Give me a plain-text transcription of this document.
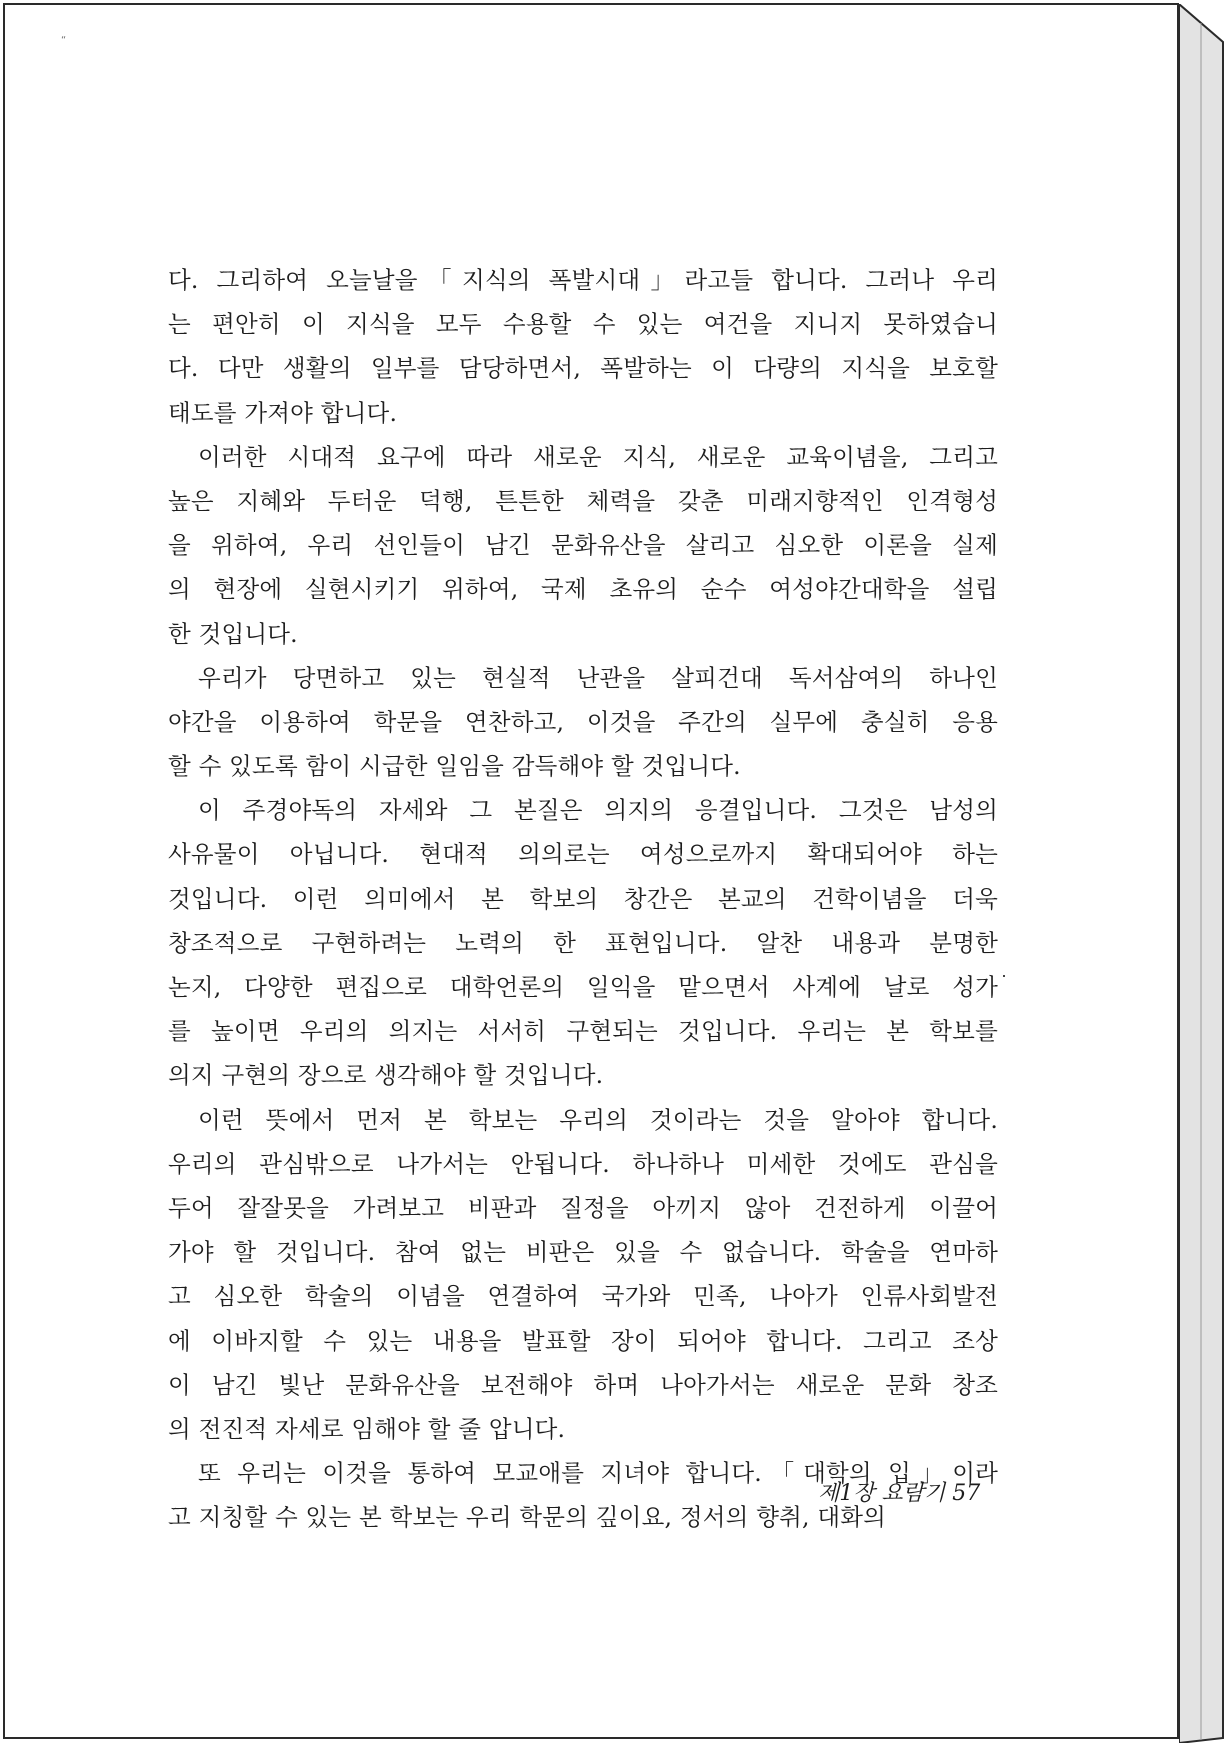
“
다. 그리하여 오늘날을「지식의 폭발시대」라고들 합니다. 그러나 우리
는 편안히 이 지식을 모두 수용할 수 있는 여건을 지니지 못하였습니
다. 다만 생활의 일부를 담당하면서, 폭발하는 이 다량의 지식을 보호할
태도를 가져야 합니다.
이러한 시대적 요구에 따라 새로운 지식, 새로운 교육이념을, 그리고
높은 지혜와 두터운 덕행, 튼튼한 체력을 갖춘 미래지향적인 인격형성
을 위하여, 우리 선인들이 남긴 문화유산을 살리고 심오한 이론을 실제
의 현장에 실현시키기 위하여, 국제 초유의 순수 여성야간대학을 설립
한 것입니다.
우리가 당면하고 있는 현실적 난관을 살피건대 독서삼여의 하나인
야간을 이용하여 학문을 연찬하고, 이것을 주간의 실무에 충실히 응용
할 수 있도록 함이 시급한 일임을 감득해야 할 것입니다.
이 주경야독의 자세와 그 본질은 의지의 응결입니다. 그것은 남성의
사유물이 아닙니다. 현대적 의의로는 여성으로까지 확대되어야 하는
것입니다. 이런 의미에서 본 학보의 창간은 본교의 건학이념을 더욱
창조적으로 구현하려는 노력의 한 표현입니다. 알찬 내용과 분명한
논지, 다양한 편집으로 대학언론의 일익을 맡으면서 사계에 날로 성가
를 높이면 우리의 의지는 서서히 구현되는 것입니다. 우리는 본 학보를
의지 구현의 장으로 생각해야 할 것입니다.
이런 뜻에서 먼저 본 학보는 우리의 것이라는 것을 알아야 합니다.
우리의 관심밖으로 나가서는 안됩니다. 하나하나 미세한 것에도 관심을
두어 잘잘못을 가려보고 비판과 질정을 아끼지 않아 건전하게 이끌어
가야 할 것입니다. 참여 없는 비판은 있을 수 없습니다. 학술을 연마하
고 심오한 학술의 이념을 연결하여 국가와 민족, 나아가 인류사회발전
에 이바지할 수 있는 내용을 발표할 장이 되어야 합니다. 그리고 조상
이 남긴 빛난 문화유산을 보전해야 하며 나아가서는 새로운 문화 창조
의 전진적 자세로 임해야 할 줄 압니다.
또 우리는 이것을 통하여 모교애를 지녀야 합니다.「대학의 입」이라
고 지칭할 수 있는 본 학보는 우리 학문의 깊이요, 정서의 향취, 대화의
제1장 요람기 57
